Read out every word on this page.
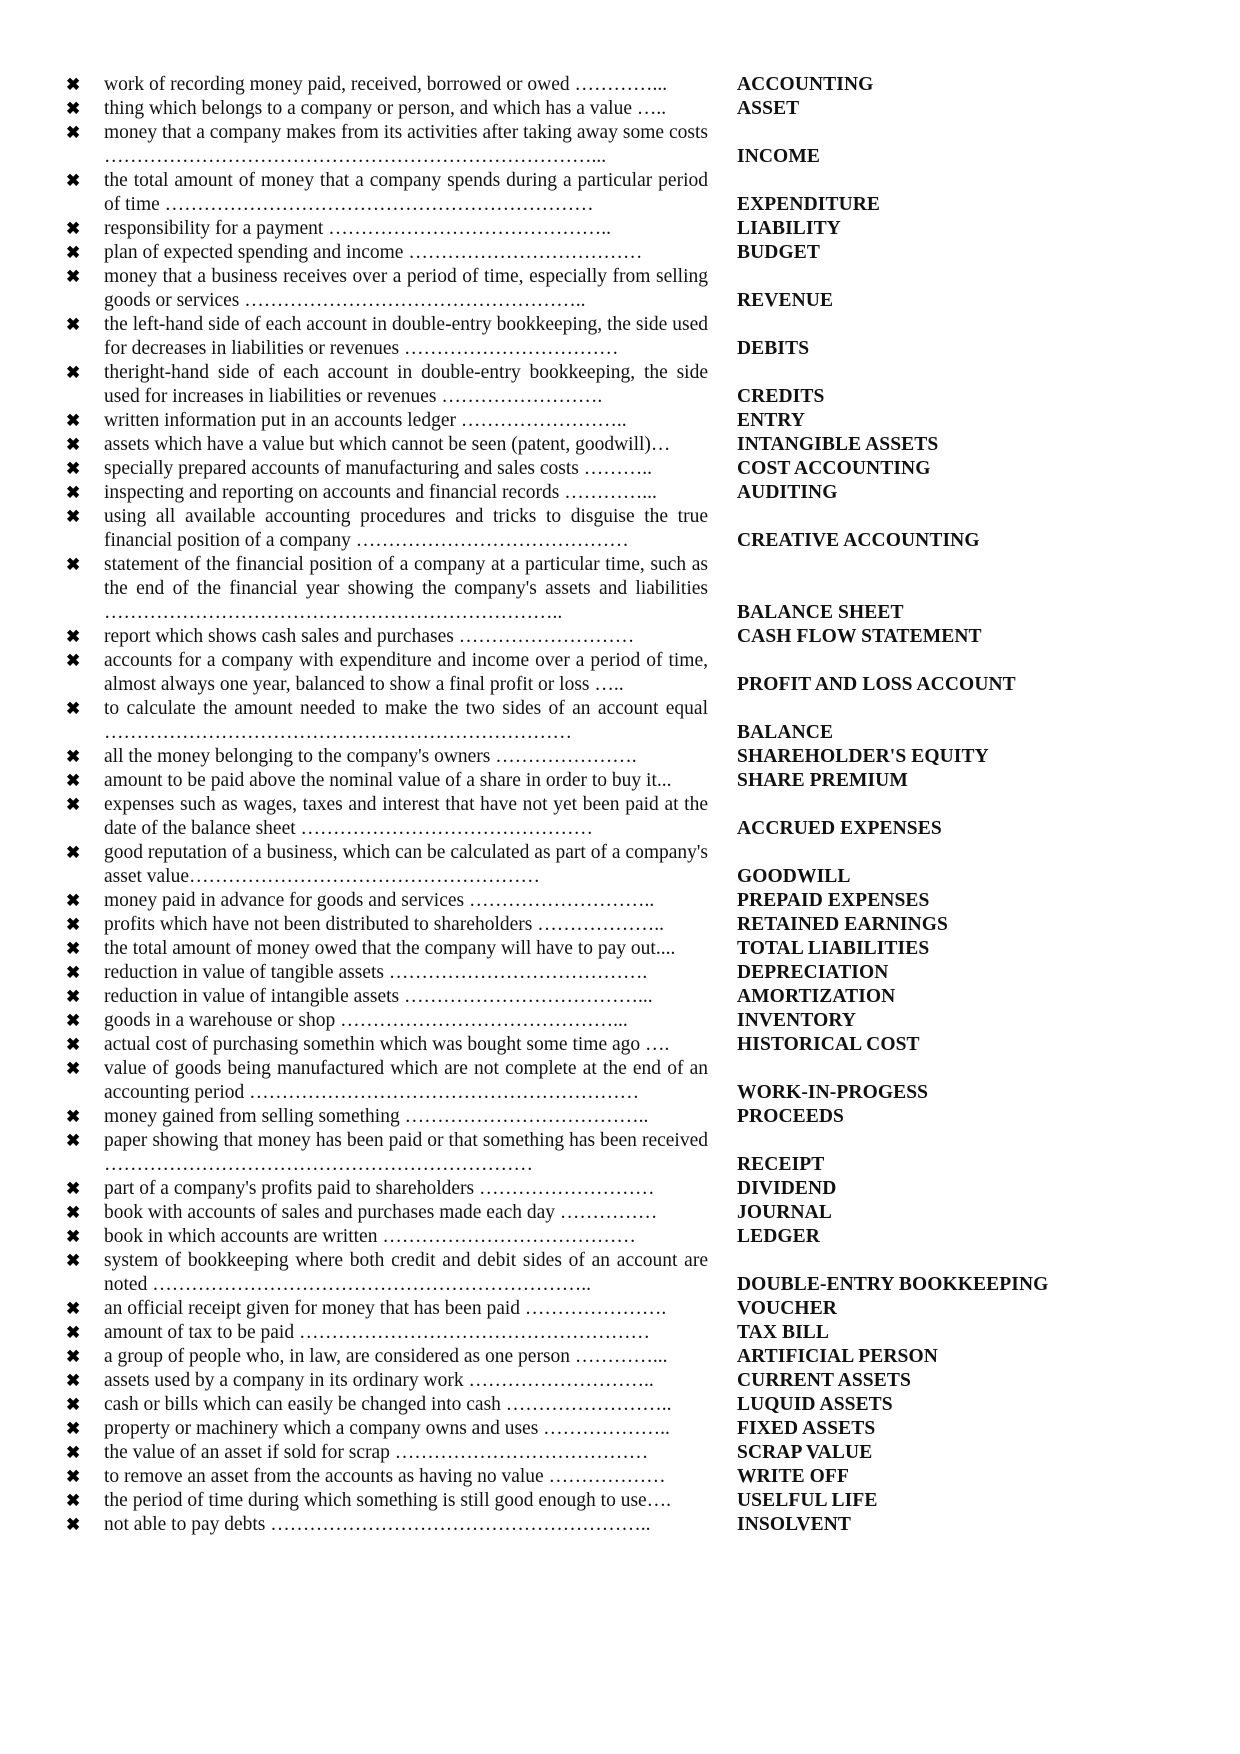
✖ work of recording money paid, received, borrowed or owed …………...	ACCOUNTING
✖ thing which belongs to a company or person, and which has a value …..	ASSET
✖ money that a company makes from its activities after taking away some costs …………………………………………………………………...	INCOME
✖ the total amount of money that a company spends during a particular period of time …………………………………………………………	EXPENDITURE
✖ responsibility for a payment ……………………………………..	LIABILITY
✖ plan of expected spending and income ………………………………	BUDGET
✖ money that a business receives over a period of time, especially from selling goods or services ……………………………………………..	REVENUE
✖ the left-hand side of each account in double-entry bookkeeping, the side used for decreases in liabilities or revenues ……………………………	DEBITS
✖ theright-hand side of each account in double-entry bookkeeping, the side used for increases in liabilities or revenues …………………….	CREDITS
✖ written information put in an accounts ledger ……………………..	ENTRY
✖ assets which have a value but which cannot be seen (patent, goodwill)…	INTANGIBLE ASSETS
✖ specially prepared accounts of manufacturing and sales costs ………..	COST ACCOUNTING
✖ inspecting and reporting on accounts and financial records …………...	AUDITING
✖ using all available accounting procedures and tricks to disguise the true financial position of a company ……………………………………	CREATIVE ACCOUNTING
✖ statement of the financial position of a company at a particular time, such as the end of the financial year showing the company's assets and liabilities ……………………………………………………………..	BALANCE SHEET
✖ report which shows cash sales and purchases ………………………	CASH FLOW STATEMENT
✖ accounts for a company with expenditure and income over a period of time, almost always one year, balanced to show a final profit or loss …..	PROFIT AND LOSS ACCOUNT
✖ to calculate the amount needed to make the two sides of an account equal ………………………………………………………………	BALANCE
✖ all the money belonging to the company's owners ………………….	SHAREHOLDER'S EQUITY
✖ amount to be paid above the nominal value of a share in order to buy it...	SHARE PREMIUM
✖ expenses such as wages, taxes and interest that have not yet been paid at the date of the balance sheet ………………………………………	ACCRUED EXPENSES
✖ good reputation of a business, which can be calculated as part of a company's asset value………………………………………………	GOODWILL
✖ money paid in advance for goods and services ………………………..	PREPAID EXPENSES
✖ profits which have not been distributed to shareholders ………………..	RETAINED EARNINGS
✖ the total amount of money owed that the company will have to pay out....	TOTAL LIABILITIES
✖ reduction in value of tangible assets ………………………………….	DEPRECIATION
✖ reduction in value of intangible assets ………………………………...	AMORTIZATION
✖ goods in a warehouse or shop ……………………………………...	INVENTORY
✖ actual cost of purchasing somethin which was bought some time ago ….	HISTORICAL COST
✖ value of goods being manufactured which are not complete at the end of an accounting period ……………………………………………………	WORK-IN-PROGESS
✖ money gained from selling something ………………………………..	PROCEEDS
✖ paper showing that money has been paid or that something has been received …………………………………………………………	RECEIPT
✖ part of a company's profits paid to shareholders ………………………	DIVIDEND
✖ book with accounts of sales and purchases made each day ……………	JOURNAL
✖ book in which accounts are written …………………………………	LEDGER
✖ system of bookkeeping where both credit and debit sides of an account are noted …………………………………………………………..	DOUBLE-ENTRY BOOKKEEPING
✖ an official receipt given for money that has been paid ………………….	VOUCHER
✖ amount of tax to be paid ………………………………………………	TAX BILL
✖ a group of people who, in law, are considered as one person …………...	ARTIFICIAL PERSON
✖ assets used by a company in its ordinary work ………………………..	CURRENT ASSETS
✖ cash or bills which can easily be changed into cash ……………………..	LUQUID ASSETS
✖ property or machinery which a company owns and uses ………………..	FIXED ASSETS
✖ the value of an asset if sold for scrap …………………………………	SCRAP VALUE
✖ to remove an asset from the accounts as having no value ………………	WRITE OFF
✖ the period of time during which something is still good enough to use….	USELFUL LIFE
✖ not able to pay debts …………………………………………………..	INSOLVENT
